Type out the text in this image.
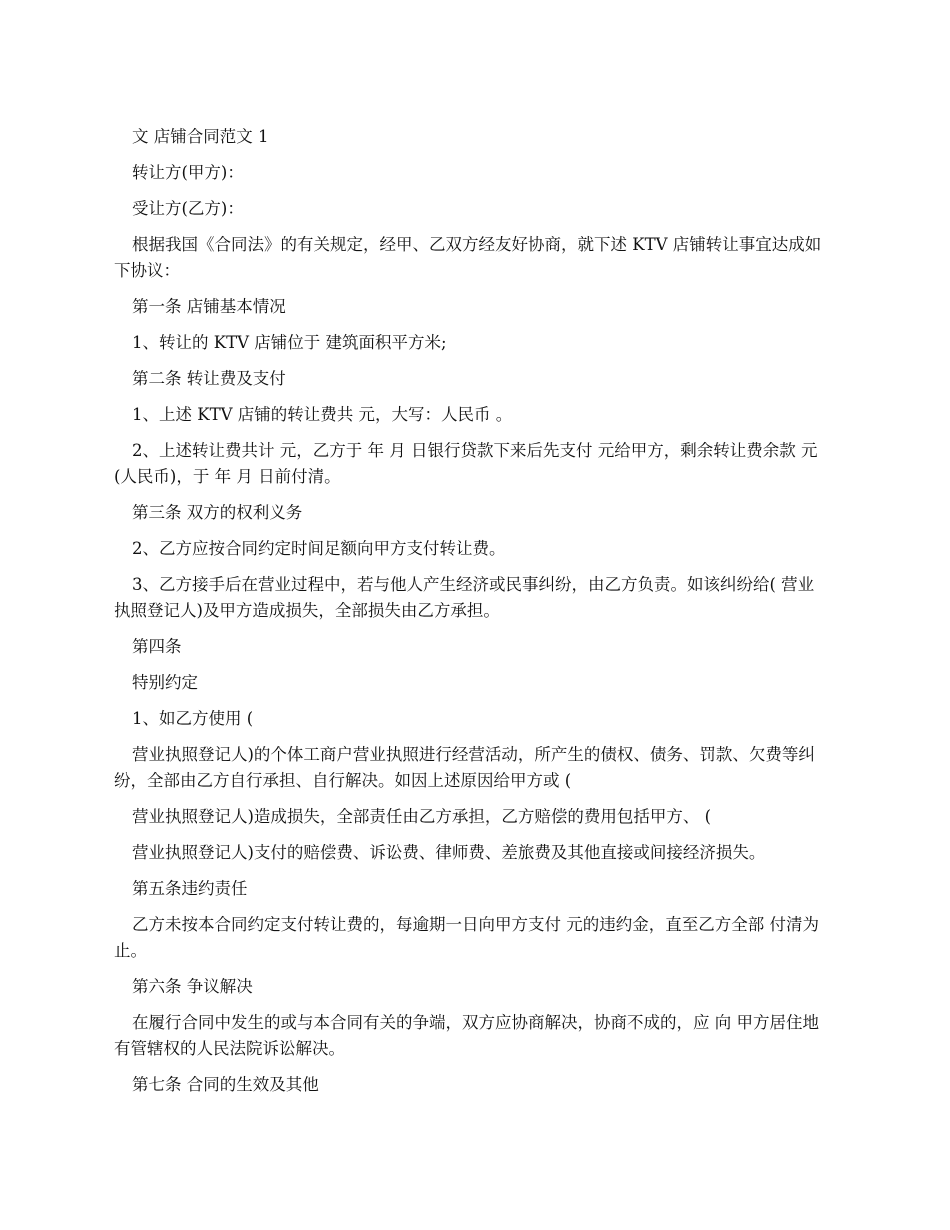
文 店铺合同范文 1

转让方(甲方)：

受让方(乙方)：

根据我国《合同法》的有关规定，经甲、乙双方经友好协商，就下述 KTV 店铺转让事宜达成如下协议：

第一条 店铺基本情况

1、转让的 KTV 店铺位于 建筑面积平方米;

第二条 转让费及支付

1、上述 KTV 店铺的转让费共 元，大写：人民币 。

2、上述转让费共计 元，乙方于 年 月 日银行贷款下来后先支付 元给甲方，剩余转让费余款 元(人民币)，于 年 月 日前付清。

第三条 双方的权利义务

2、乙方应按合同约定时间足额向甲方支付转让费。

3、乙方接手后在营业过程中，若与他人产生经济或民事纠纷，由乙方负责。如该纠纷给( 营业执照登记人)及甲方造成损失，全部损失由乙方承担。

第四条

特别约定

1、如乙方使用 (

营业执照登记人)的个体工商户营业执照进行经营活动，所产生的债权、债务、罚款、欠费等纠纷，全部由乙方自行承担、自行解决。如因上述原因给甲方或 (

营业执照登记人)造成损失，全部责任由乙方承担，乙方赔偿的费用包括甲方、 (

营业执照登记人)支付的赔偿费、诉讼费、律师费、差旅费及其他直接或间接经济损失。

第五条违约责任

乙方未按本合同约定支付转让费的，每逾期一日向甲方支付 元的违约金，直至乙方全部 付清为止。

第六条 争议解决

在履行合同中发生的或与本合同有关的争端，双方应协商解决，协商不成的，应 向 甲方居住地有管辖权的人民法院诉讼解决。

第七条 合同的生效及其他
